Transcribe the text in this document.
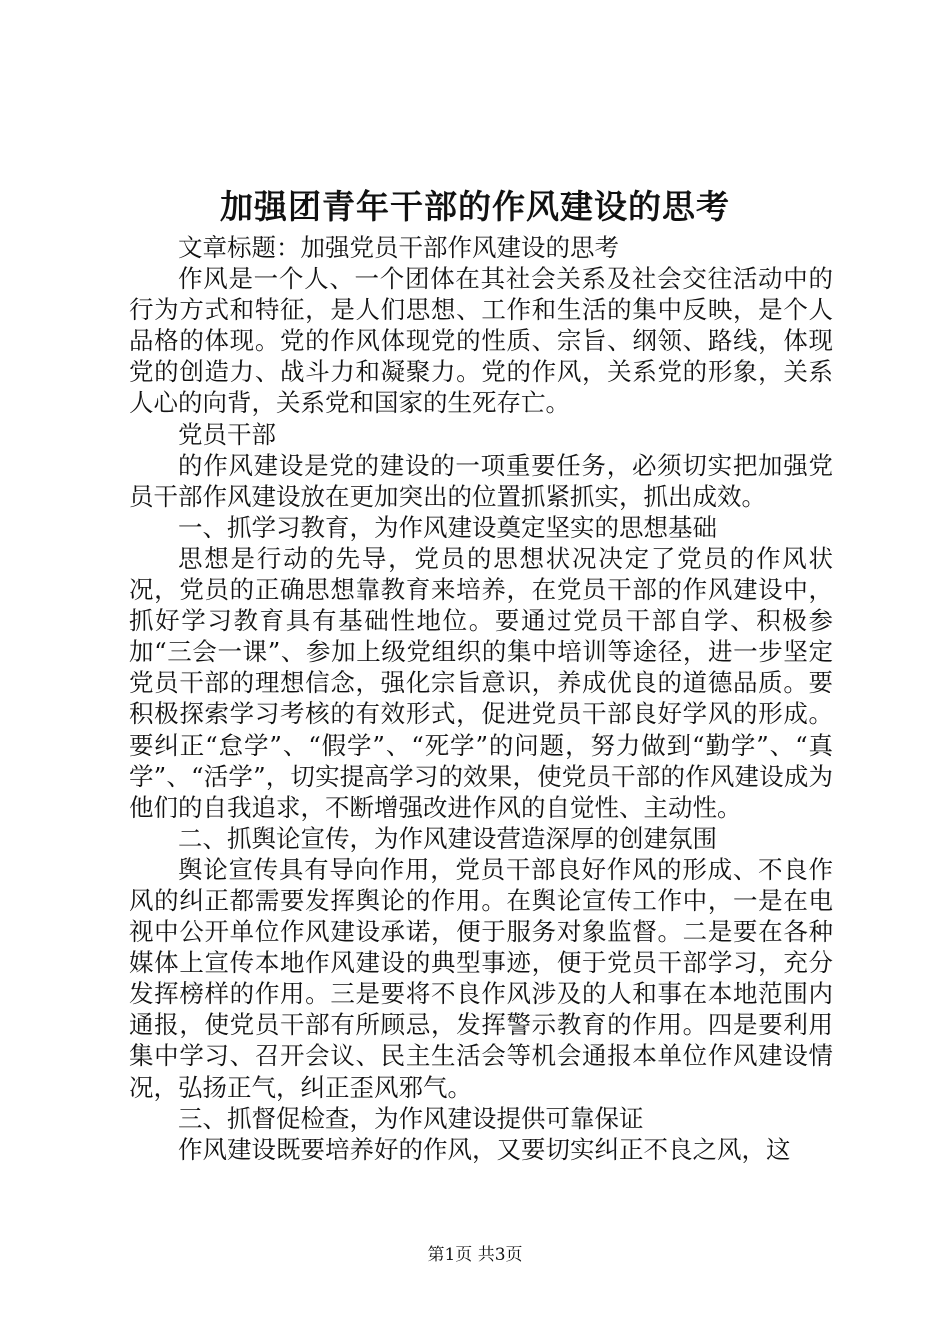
加强团青年干部的作风建设的思考

文章标题：加强党员干部作风建设的思考

作风是一个人、一个团体在其社会关系及社会交往活动中的行为方式和特征，是人们思想、工作和生活的集中反映，是个人品格的体现。党的作风体现党的性质、宗旨、纲领、路线，体现党的创造力、战斗力和凝聚力。党的作风，关系党的形象，关系人心的向背，关系党和国家的生死存亡。

党员干部

的作风建设是党的建设的一项重要任务，必须切实把加强党员干部作风建设放在更加突出的位置抓紧抓实，抓出成效。

一、抓学习教育，为作风建设奠定坚实的思想基础

思想是行动的先导，党员的思想状况决定了党员的作风状况，党员的正确思想靠教育来培养，在党员干部的作风建设中，抓好学习教育具有基础性地位。要通过党员干部自学、积极参加“三会一课”、参加上级党组织的集中培训等途径，进一步坚定党员干部的理想信念，强化宗旨意识，养成优良的道德品质。要积极探索学习考核的有效形式，促进党员干部良好学风的形成。要纠正“怠学”、“假学”、“死学”的问题，努力做到“勤学”、“真学”、“活学”，切实提高学习的效果，使党员干部的作风建设成为他们的自我追求，不断增强改进作风的自觉性、主动性。

二、抓舆论宣传，为作风建设营造深厚的创建氛围

舆论宣传具有导向作用，党员干部良好作风的形成、不良作风的纠正都需要发挥舆论的作用。在舆论宣传工作中，一是在电视中公开单位作风建设承诺，便于服务对象监督。二是要在各种媒体上宣传本地作风建设的典型事迹，便于党员干部学习，充分发挥榜样的作用。三是要将不良作风涉及的人和事在本地范围内通报，使党员干部有所顾忌，发挥警示教育的作用。四是要利用集中学习、召开会议、民主生活会等机会通报本单位作风建设情况，弘扬正气，纠正歪风邪气。

三、抓督促检查，为作风建设提供可靠保证

作风建设既要培养好的作风，又要切实纠正不良之风，这

第1页 共3页
